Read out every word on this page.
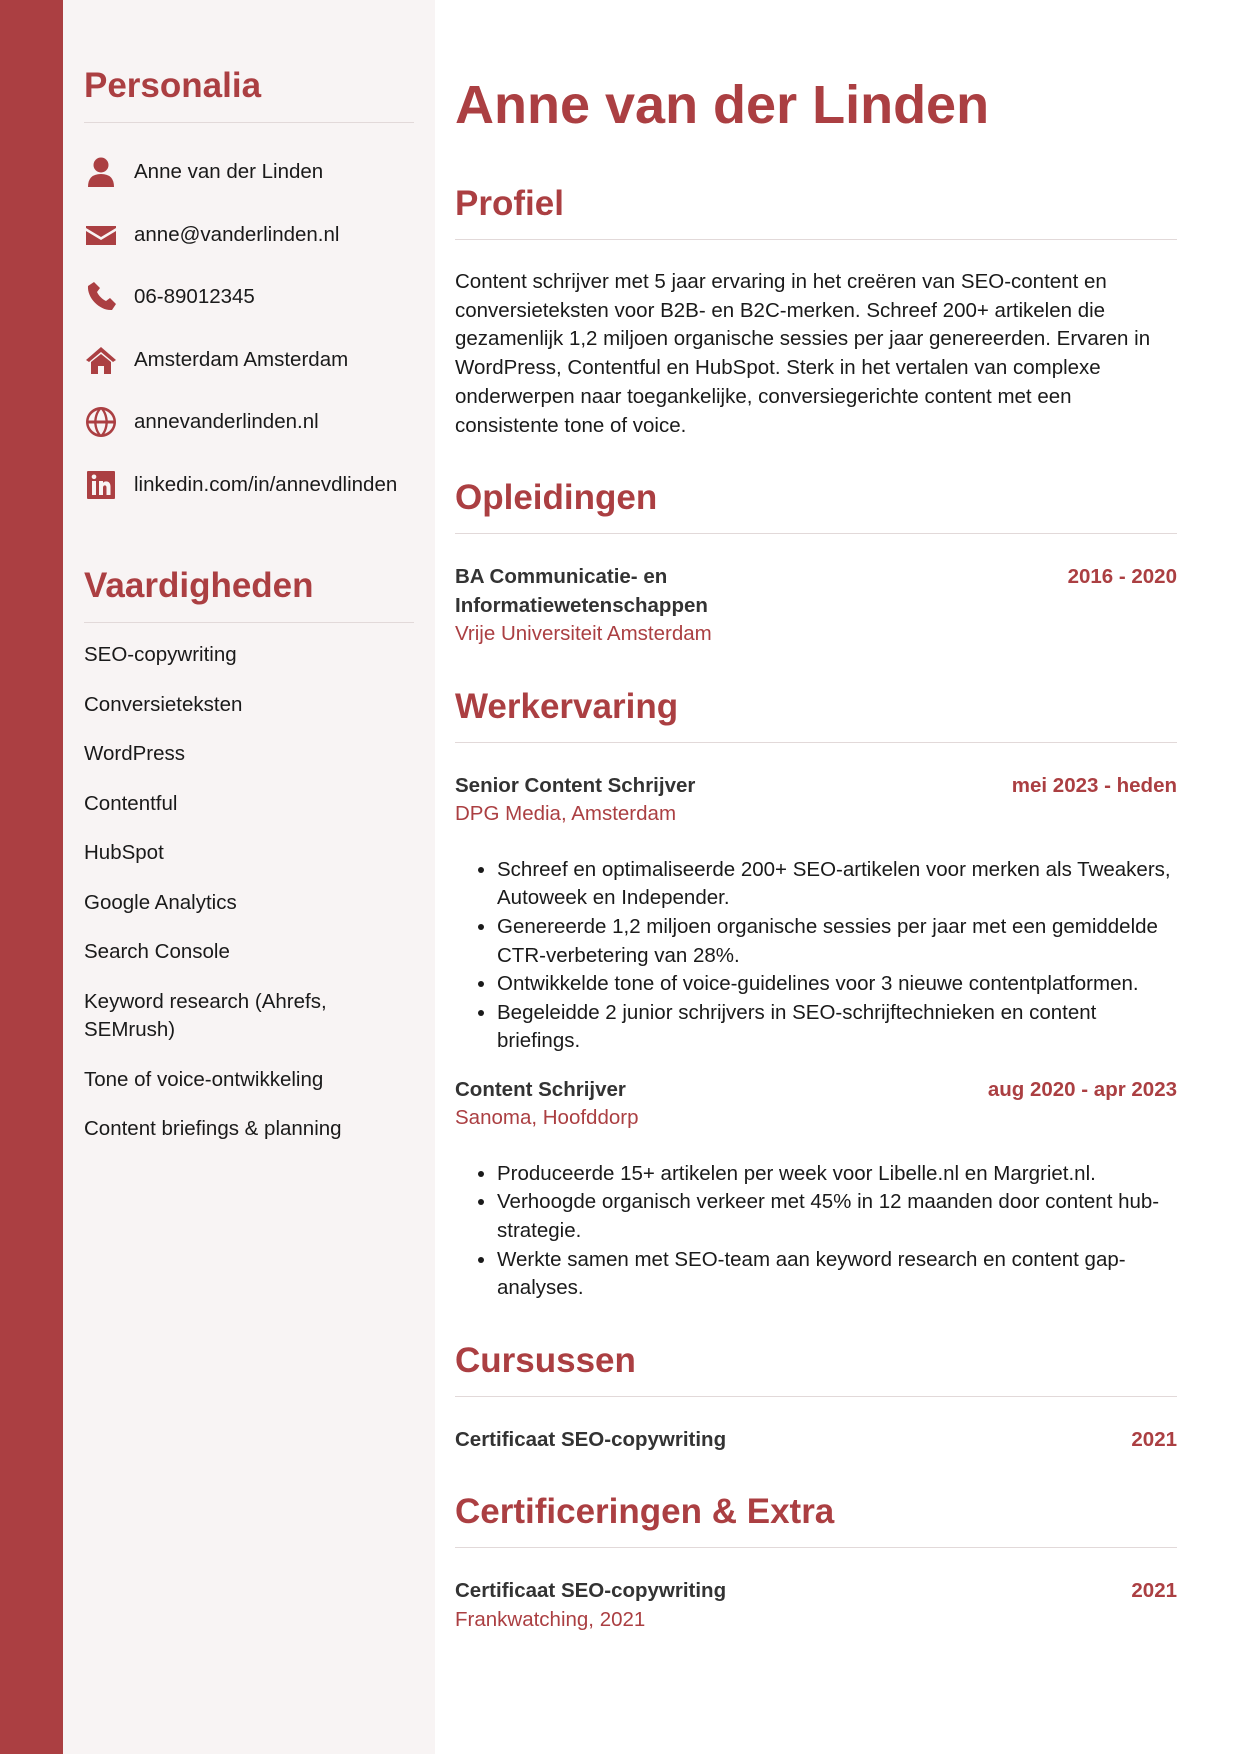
Personalia
Anne van der Linden
anne@vanderlinden.nl
06-89012345
Amsterdam Amsterdam
annevanderlinden.nl
linkedin.com/in/annevdlinden
Vaardigheden
SEO-copywriting
Conversieteksten
WordPress
Contentful
HubSpot
Google Analytics
Search Console
Keyword research (Ahrefs, SEMrush)
Tone of voice-ontwikkeling
Content briefings & planning
Anne van der Linden
Profiel

Content schrijver met 5 jaar ervaring in het creëren van SEO-content en conversieteksten voor B2B- en B2C-merken. Schreef 200+ artikelen die gezamenlijk 1,2 miljoen organische sessies per jaar genereerden. Ervaren in WordPress, Contentful en HubSpot. Sterk in het vertalen van complexe onderwerpen naar toegankelijke, conversiegerichte content met een consistente tone of voice.

Opleidingen
BA Communicatie- en Informatiewetenschappen
2016 - 2020
Vrije Universiteit Amsterdam
Werkervaring
Senior Content Schrijver	mei 2023 - heden
DPG Media, Amsterdam
• Schreef en optimaliseerde 200+ SEO-artikelen voor merken als Tweakers, Autoweek en Independer.
• Genereerde 1,2 miljoen organische sessies per jaar met een gemiddelde CTR-verbetering van 28%.
• Ontwikkelde tone of voice-guidelines voor 3 nieuwe contentplatformen.
• Begeleidde 2 junior schrijvers in SEO-schrijftechnieken en content briefings.
Content Schrijver	aug 2020 - apr 2023
Sanoma, Hoofddorp
• Produceerde 15+ artikelen per week voor Libelle.nl en Margriet.nl.
• Verhoogde organisch verkeer met 45% in 12 maanden door content hub-strategie.
• Werkte samen met SEO-team aan keyword research en content gap-analyses.
Cursussen
Certificaat SEO-copywriting	2021
Certificeringen & Extra
Certificaat SEO-copywriting	2021
Frankwatching, 2021
